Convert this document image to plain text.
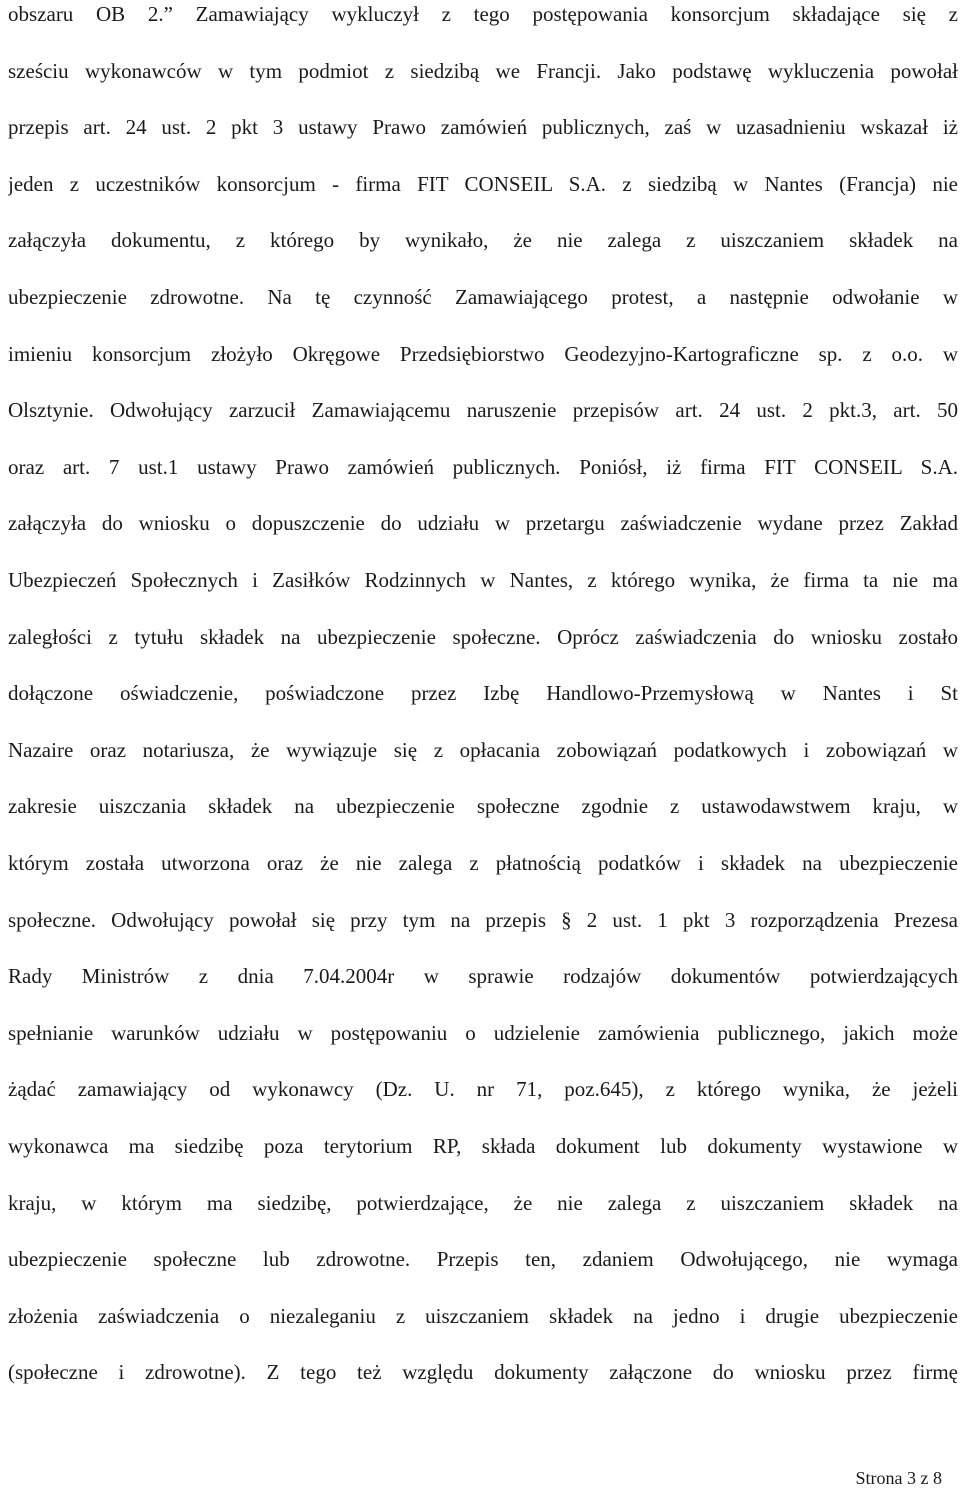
obszaru OB 2.” Zamawiający wykluczył z tego postępowania konsorcjum składające się z
sześciu wykonawców w tym podmiot z siedzibą we Francji. Jako podstawę wykluczenia powołał
przepis art. 24 ust. 2 pkt 3 ustawy Prawo zamówień publicznych, zaś w uzasadnieniu wskazał iż
jeden z uczestników konsorcjum - firma FIT CONSEIL S.A. z siedzibą w Nantes (Francja) nie
załączyła dokumentu, z którego by wynikało, że nie zalega z uiszczaniem składek na
ubezpieczenie zdrowotne. Na tę czynność Zamawiającego protest, a następnie odwołanie w
imieniu konsorcjum złożyło Okręgowe Przedsiębiorstwo Geodezyjno-Kartograficzne sp. z o.o. w
Olsztynie. Odwołujący zarzucił Zamawiającemu naruszenie przepisów art. 24 ust. 2 pkt.3, art. 50
oraz art. 7 ust.1 ustawy Prawo zamówień publicznych. Poniósł, iż firma FIT CONSEIL S.A.
załączyła do wniosku o dopuszczenie do udziału w przetargu zaświadczenie wydane przez Zakład
Ubezpieczeń Społecznych i Zasiłków Rodzinnych w Nantes, z którego wynika, że firma ta nie ma
zaległości z tytułu składek na ubezpieczenie społeczne. Oprócz zaświadczenia do wniosku zostało
dołączone oświadczenie, poświadczone przez Izbę Handlowo-Przemysłową w Nantes i St
Nazaire oraz notariusza, że wywiązuje się z opłacania zobowiązań podatkowych i zobowiązań w
zakresie uiszczania składek na ubezpieczenie społeczne zgodnie z ustawodawstwem kraju, w
którym została utworzona oraz że nie zalega z płatnością podatków i składek na ubezpieczenie
społeczne. Odwołujący powołał się przy tym na przepis § 2 ust. 1 pkt 3 rozporządzenia Prezesa
Rady Ministrów z dnia 7.04.2004r w sprawie rodzajów dokumentów potwierdzających
spełnianie warunków udziału w postępowaniu o udzielenie zamówienia publicznego, jakich może
żądać zamawiający od wykonawcy (Dz. U. nr 71, poz.645), z którego wynika, że jeżeli
wykonawca ma siedzibę poza terytorium RP, składa dokument lub dokumenty wystawione w
kraju, w którym ma siedzibę, potwierdzające, że nie zalega z uiszczaniem składek na
ubezpieczenie społeczne lub zdrowotne. Przepis ten, zdaniem Odwołującego, nie wymaga
złożenia zaświadczenia o niezaleganiu z uiszczaniem składek na jedno i drugie ubezpieczenie
(społeczne i zdrowotne). Z tego też względu dokumenty załączone do wniosku przez firmę
Strona 3 z 8
